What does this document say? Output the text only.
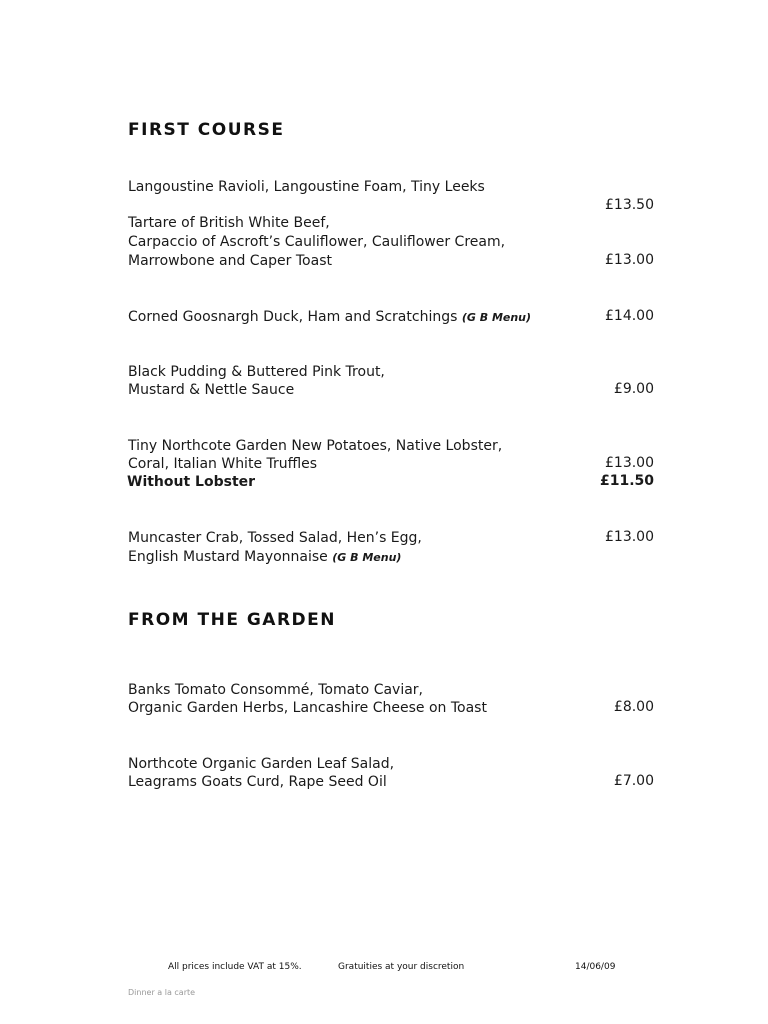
FIRST COURSE
Langoustine Ravioli, Langoustine Foam, Tiny Leeks
£13.50
Tartare of British White Beef,
Carpaccio of Ascroft’s Cauliflower, Cauliflower Cream,
Marrowbone and Caper Toast	£13.00
Corned Goosnargh Duck, Ham and Scratchings (G B Menu)	£14.00
Black Pudding & Buttered Pink Trout,
Mustard & Nettle Sauce	£9.00
Tiny Northcote Garden New Potatoes, Native Lobster,
Coral, Italian White Truffles	£13.00
Without Lobster	£11.50
Muncaster Crab, Tossed Salad, Hen’s Egg,	£13.00
English Mustard Mayonnaise (G B Menu)
FROM THE GARDEN
Banks Tomato Consommé, Tomato Caviar,
Organic Garden Herbs, Lancashire Cheese on Toast	£8.00
Northcote Organic Garden Leaf Salad,
Leagrams Goats Curd, Rape Seed Oil	£7.00
All prices include VAT at 15%.	Gratuities at your discretion	14/06/09
Dinner a la carte
